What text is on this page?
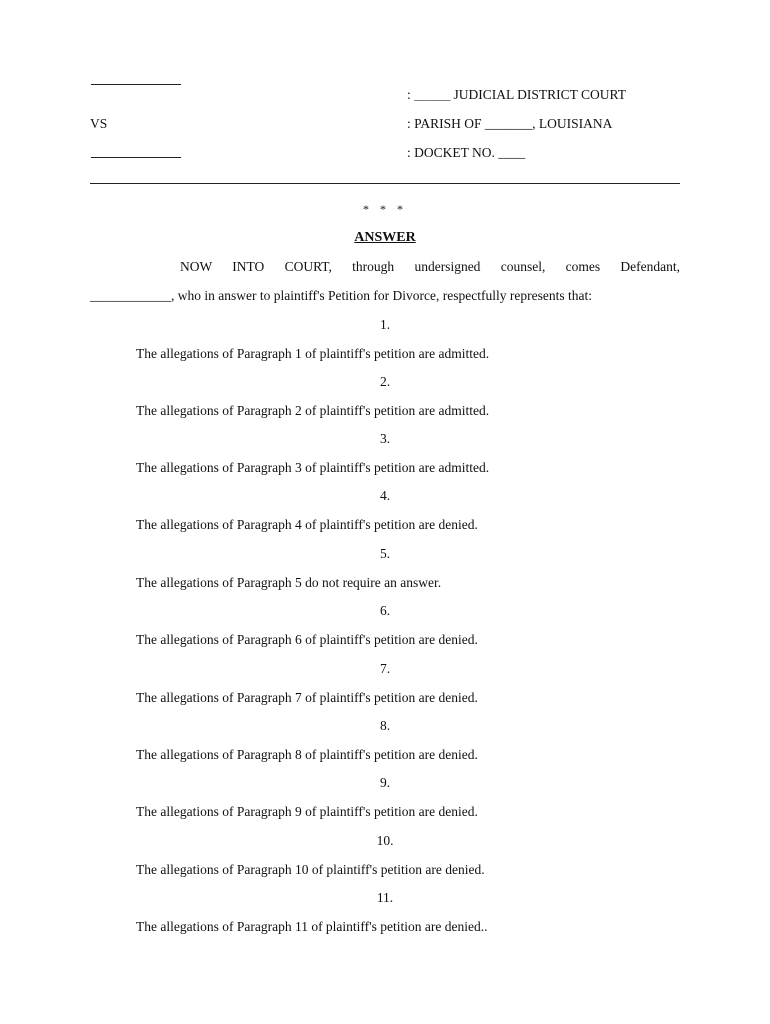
VS
: ________ JUDICIAL DISTRICT COURT
: PARISH OF _______, LOUISIANA
: DOCKET NO. ____
* * *
ANSWER
NOW INTO COURT, through undersigned counsel, comes Defendant,
____________, who in answer to plaintiff's Petition for Divorce, respectfully represents that:
1.
The allegations of Paragraph 1 of plaintiff's petition are admitted.
2.
The allegations of Paragraph 2 of plaintiff's petition are admitted.
3.
The allegations of Paragraph 3 of plaintiff's petition are admitted.
4.
The allegations of Paragraph 4 of plaintiff's petition are denied.
5.
The allegations of Paragraph 5 do not require an answer.
6.
The allegations of Paragraph 6 of plaintiff's petition are denied.
7.
The allegations of Paragraph 7 of plaintiff's petition are denied.
8.
The allegations of Paragraph 8 of plaintiff's petition are denied.
9.
The allegations of Paragraph 9 of plaintiff's petition are denied.
10.
The allegations of Paragraph 10 of plaintiff's petition are denied.
11.
The allegations of Paragraph 11 of plaintiff's petition are denied..
